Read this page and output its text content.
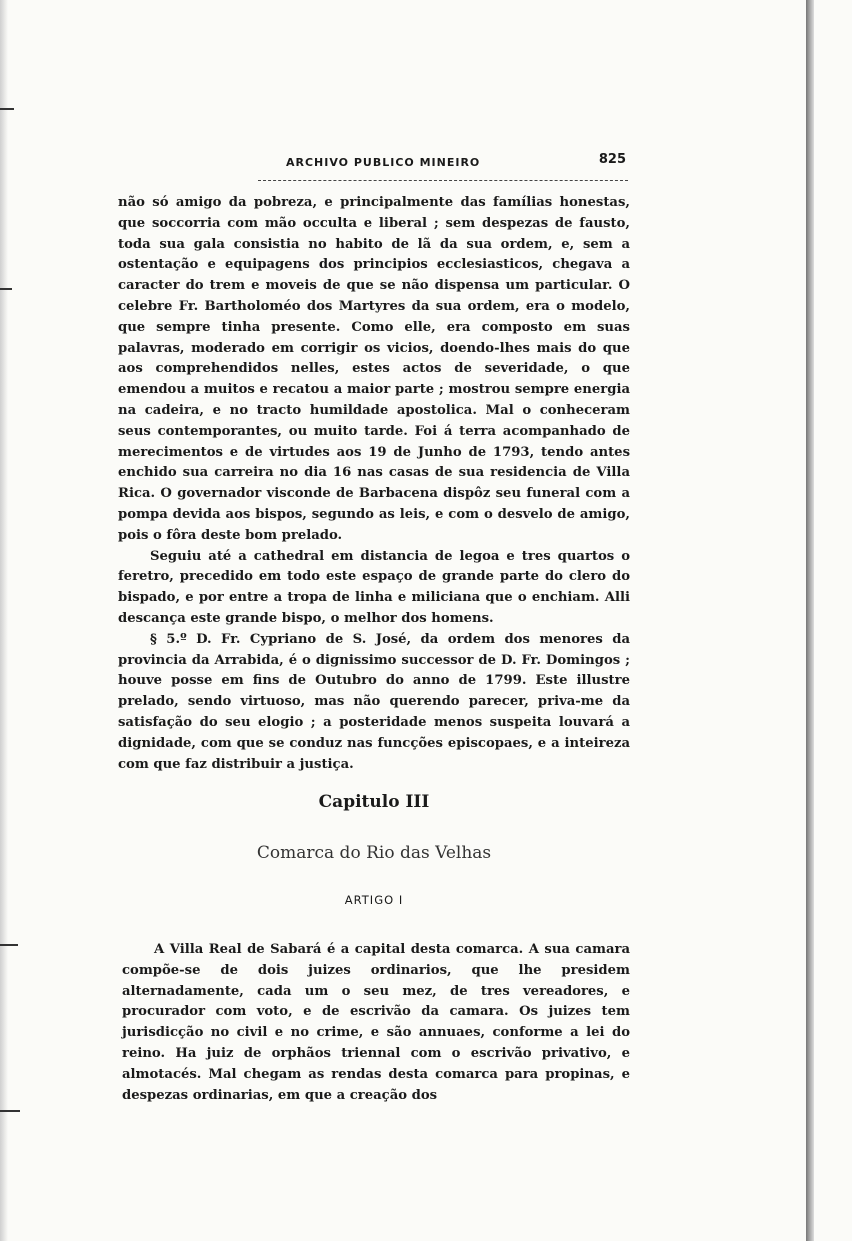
ARCHIVO PUBLICO MINEIRO	825

não só amigo da pobreza, e principalmente das famílias honestas, que soccorria com mão occulta e liberal ; sem despezas de fausto, toda sua gala consistia no habito de lã da sua ordem, e, sem a ostentação e equipagens dos principios ecclesiasticos, chegava a caracter do trem e moveis de que se não dispensa um particular. O celebre Fr. Bartholoméo dos Martyres da sua ordem, era o modelo, que sempre tinha presente. Como elle, era composto em suas palavras, moderado em corrigir os vicios, doendo-lhes mais do que aos comprehendidos nelles, estes actos de severidade, o que emendou a muitos e recatou a maior parte ; mostrou sempre energia na cadeira, e no tracto humildade apostolica. Mal o conheceram seus contemporantes, ou muito tarde. Foi á terra acompanhado de merecimentos e de virtudes aos 19 de Junho de 1793, tendo antes enchido sua carreira no dia 16 nas casas de sua residencia de Villa Rica. O governador visconde de Barbacena dispôz seu funeral com a pompa devida aos bispos, segundo as leis, e com o desvelo de amigo, pois o fôra deste bom prelado.

Seguiu até a cathedral em distancia de legoa e tres quartos o feretro, precedido em todo este espaço de grande parte do clero do bispado, e por entre a tropa de linha e miliciana que o enchiam. Alli descança este grande bispo, o melhor dos homens.

§ 5.º D. Fr. Cypriano de S. José, da ordem dos menores da provincia da Arrabida, é o dignissimo successor de D. Fr. Domingos ; houve posse em fins de Outubro do anno de 1799. Este illustre prelado, sendo virtuoso, mas não querendo parecer, priva-me da satisfação do seu elogio ; a posteridade menos suspeita louvará a dignidade, com que se conduz nas funcções episcopaes, e a inteireza com que faz distribuir a justiça.

Capitulo III
Comarca do Rio das Velhas
ARTIGO I

A Villa Real de Sabará é a capital desta comarca. A sua camara compõe-se de dois juizes ordinarios, que lhe presidem alternadamente, cada um o seu mez, de tres vereadores, e procurador com voto, e de escrivão da camara. Os juizes tem jurisdicção no civil e no crime, e são annuaes, conforme a lei do reino. Ha juiz de orphãos triennal com o escrivão privativo, e almotacés. Mal chegam as rendas desta comarca para propinas, e despezas ordinarias, em que a creação dos
